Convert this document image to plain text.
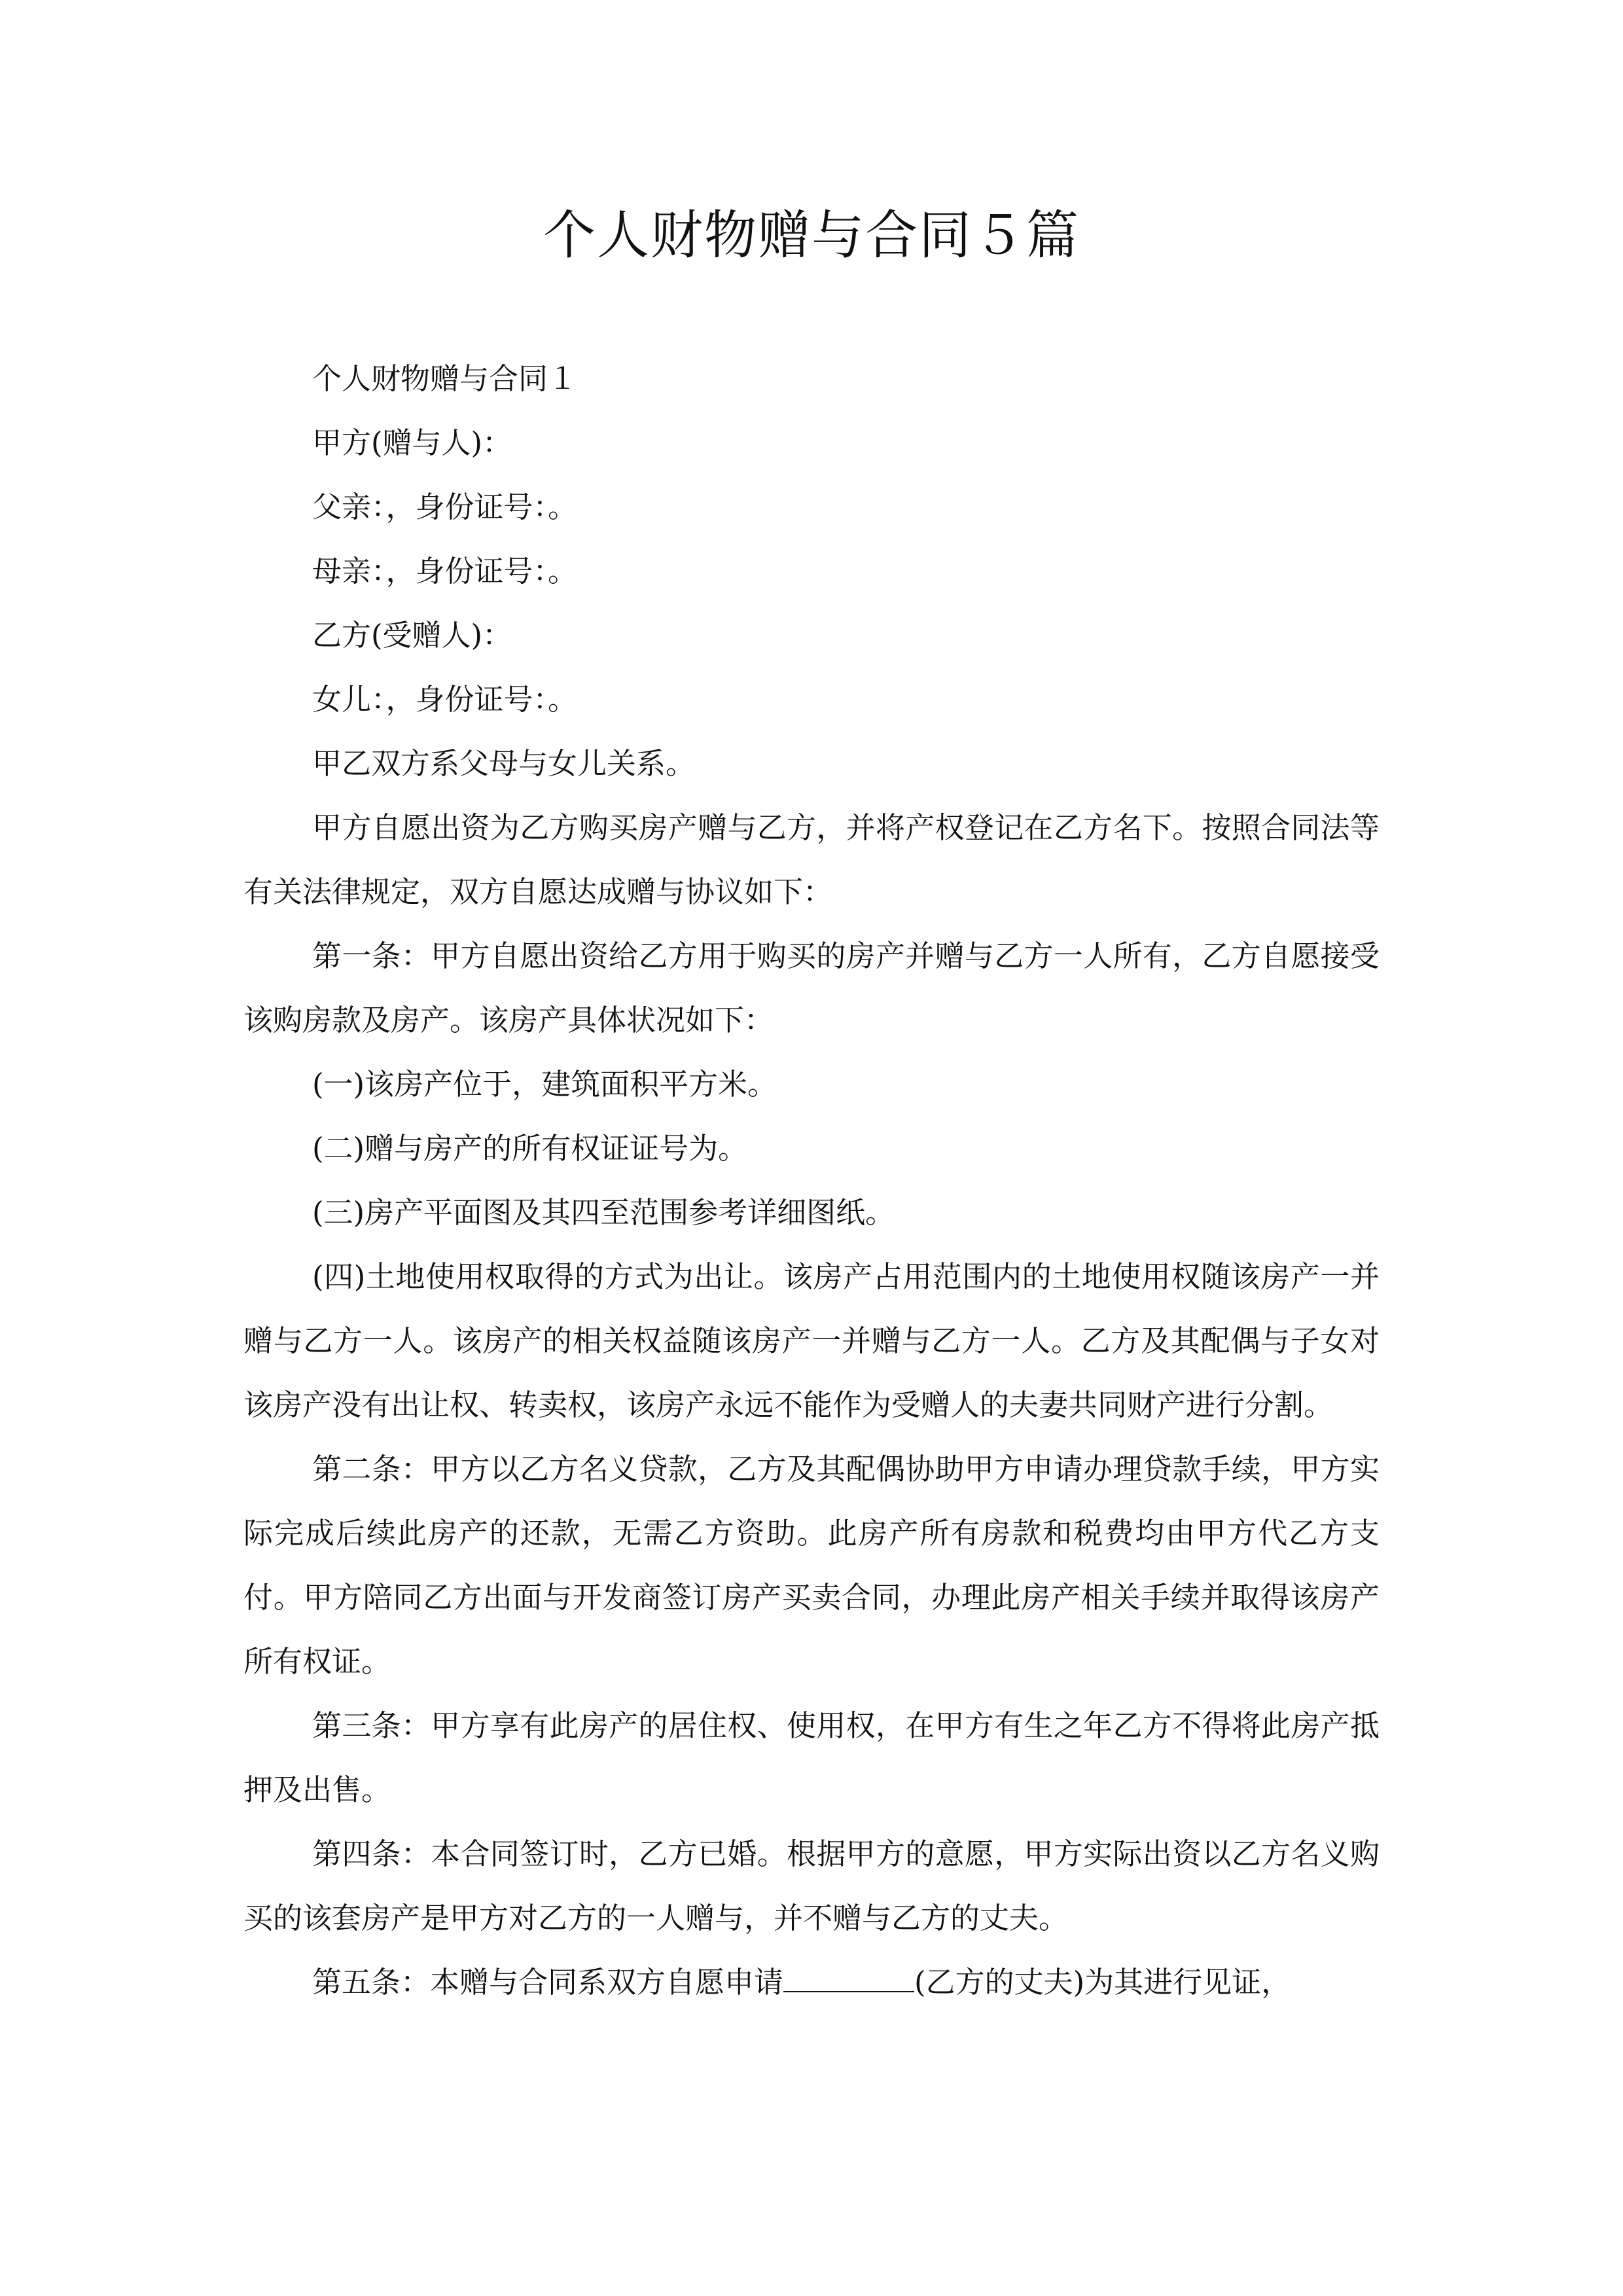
个人财物赠与合同５篇

个人财物赠与合同１

甲方(赠与人)：

父亲：，身份证号：。

母亲：，身份证号：。

乙方(受赠人)：

女儿：，身份证号：。

甲乙双方系父母与女儿关系。

甲方自愿出资为乙方购买房产赠与乙方，并将产权登记在乙方名下。按照合同法等有关法律规定，双方自愿达成赠与协议如下：

第一条：甲方自愿出资给乙方用于购买的房产并赠与乙方一人所有，乙方自愿接受该购房款及房产。该房产具体状况如下：

(一)该房产位于，建筑面积平方米。

(二)赠与房产的所有权证证号为。

(三)房产平面图及其四至范围参考详细图纸。

(四)土地使用权取得的方式为出让。该房产占用范围内的土地使用权随该房产一并赠与乙方一人。该房产的相关权益随该房产一并赠与乙方一人。乙方及其配偶与子女对该房产没有出让权、转卖权，该房产永远不能作为受赠人的夫妻共同财产进行分割。

第二条：甲方以乙方名义贷款，乙方及其配偶协助甲方申请办理贷款手续，甲方实际完成后续此房产的还款，无需乙方资助。此房产所有房款和税费均由甲方代乙方支付。甲方陪同乙方出面与开发商签订房产买卖合同，办理此房产相关手续并取得该房产所有权证。

第三条：甲方享有此房产的居住权、使用权，在甲方有生之年乙方不得将此房产抵押及出售。

第四条：本合同签订时，乙方已婚。根据甲方的意愿，甲方实际出资以乙方名义购买的该套房产是甲方对乙方的一人赠与，并不赠与乙方的丈夫。

第五条：本赠与合同系双方自愿申请	(乙方的丈夫)为其进行见证，
